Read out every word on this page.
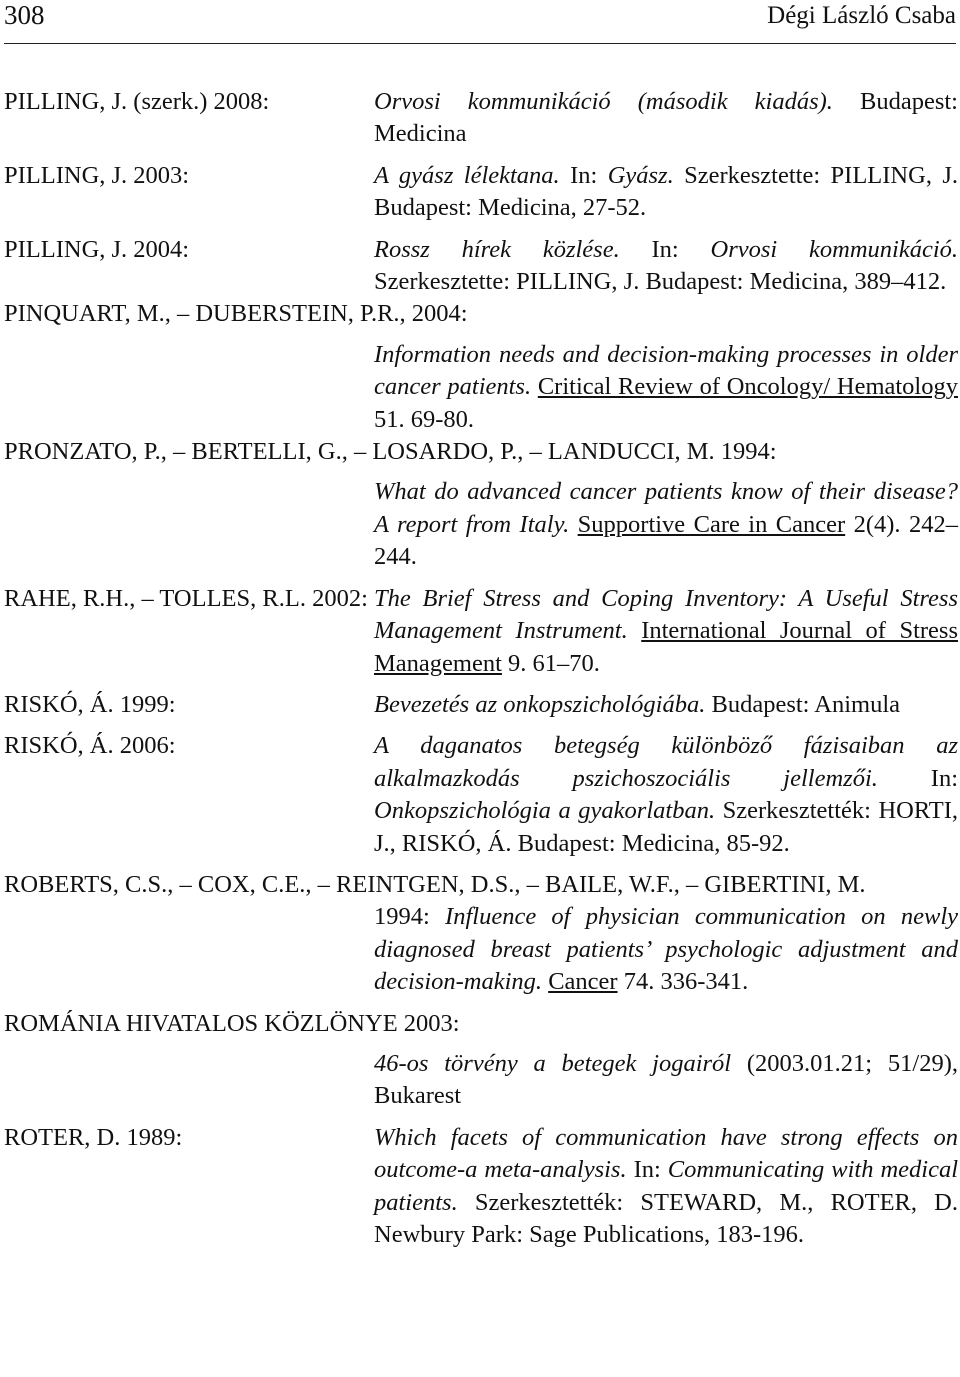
308	Dégi László Csaba
PILLING, J. (szerk.) 2008:	Orvosi kommunikáció (második kiadás). Budapest: Medicina
PILLING, J. 2003:	A gyász lélektana. In: Gyász. Szerkesztette: PILLING, J. Budapest: Medicina, 27-52.
PILLING, J. 2004:	Rossz hírek közlése. In: Orvosi kommunikáció. Szerkesztette: PILLING, J. Budapest: Medicina, 389–412.
PINQUART, M., – DUBERSTEIN, P.R., 2004:
Information needs and decision-making processes in older cancer patients. Critical Review of Oncology/ Hematology 51. 69-80.
PRONZATO, P., – BERTELLI, G., – LOSARDO, P., – LANDUCCI, M. 1994:
What do advanced cancer patients know of their disease? A report from Italy. Supportive Care in Cancer 2(4). 242–244.
RAHE, R.H., – TOLLES, R.L. 2002: The Brief Stress and Coping Inventory: A Useful Stress Management Instrument. International Journal of Stress Management 9. 61–70.
RISKÓ, Á. 1999:	Bevezetés az onkopszichológiába. Budapest: Animula
RISKÓ, Á. 2006:	A daganatos betegség különböző fázisaiban az alkalmazkodás pszichoszociális jellemzői. In: Onkopszichológia a gyakorlatban. Szerkesztették: HORTI, J., RISKÓ, Á. Budapest: Medicina, 85-92.
ROBERTS, C.S., – COX, C.E., – REINTGEN, D.S., – BAILE, W.F., – GIBERTINI, M.
1994: Influence of physician communication on newly diagnosed breast patients’ psychologic adjustment and decision-making. Cancer 74. 336-341.
ROMÁNIA HIVATALOS KÖZLÖNYE 2003:
46-os törvény a betegek jogairól (2003.01.21; 51/29), Bukarest
ROTER, D. 1989:	Which facets of communication have strong effects on outcome-a meta-analysis. In: Communicating with medical patients. Szerkesztették: STEWARD, M., ROTER, D. Newbury Park: Sage Publications, 183-196.
